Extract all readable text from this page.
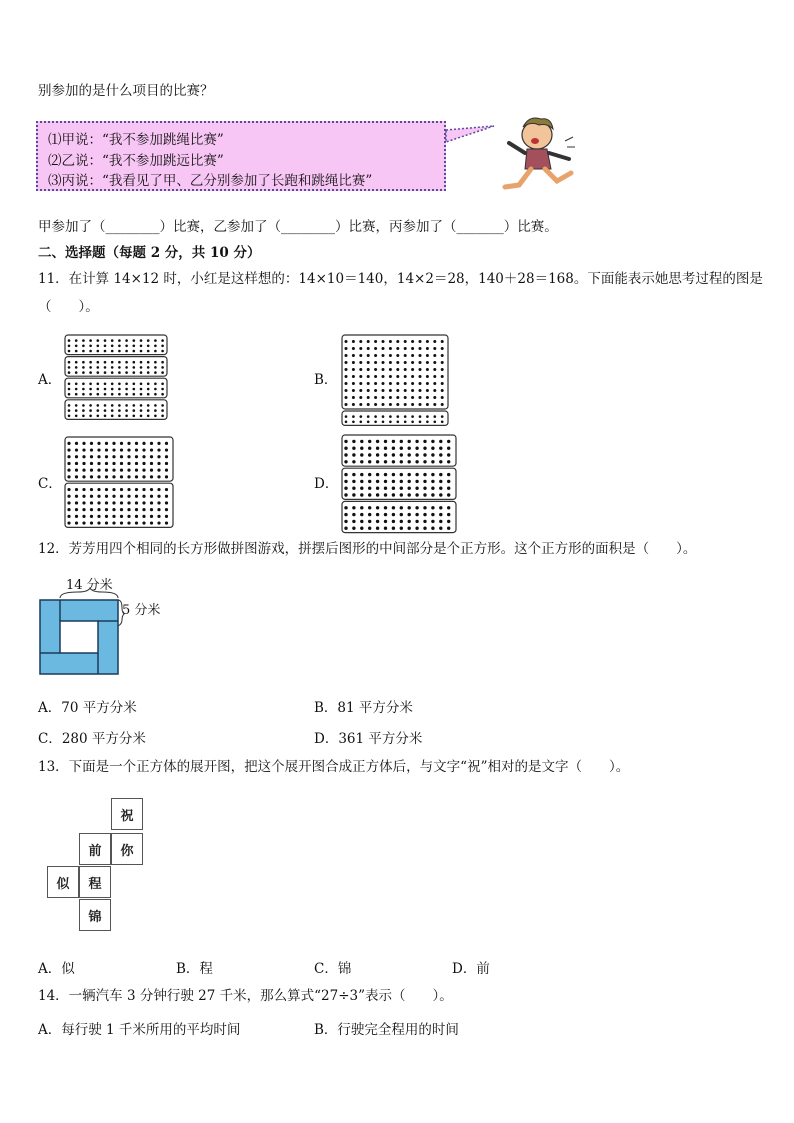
别参加的是什么项目的比赛？
⑴甲说：“我不参加跳绳比赛”
⑵乙说：“我不参加跳远比赛”
⑶丙说：“我看见了甲、乙分别参加了长跑和跳绳比赛”
甲参加了（________）比赛，乙参加了（________）比赛，丙参加了（_______）比赛。
二、选择题（每题 2 分，共 10 分）
11．在计算 14×12 时，小红是这样想的：14×10＝140，14×2＝28，140＋28＝168。下面能表示她思考过程的图是
（　　）。
A．	B．
C．	D．
12．芳芳用四个相同的长方形做拼图游戏，拼摆后图形的中间部分是个正方形。这个正方形的面积是（　　）。
14 分米
5 分米
A．70 平方分米	B．81 平方分米
C．280 平方分米	D．361 平方分米
13．下面是一个正方体的展开图，把这个展开图合成正方体后，与文字“祝”相对的是文字（　　）。
祝
前	你
似	程
锦
A．似	B．程	C．锦	D．前
14．一辆汽车 3 分钟行驶 27 千米，那么算式“27÷3”表示（　　）。
A．每行驶 1 千米所用的平均时间	B．行驶完全程用的时间
